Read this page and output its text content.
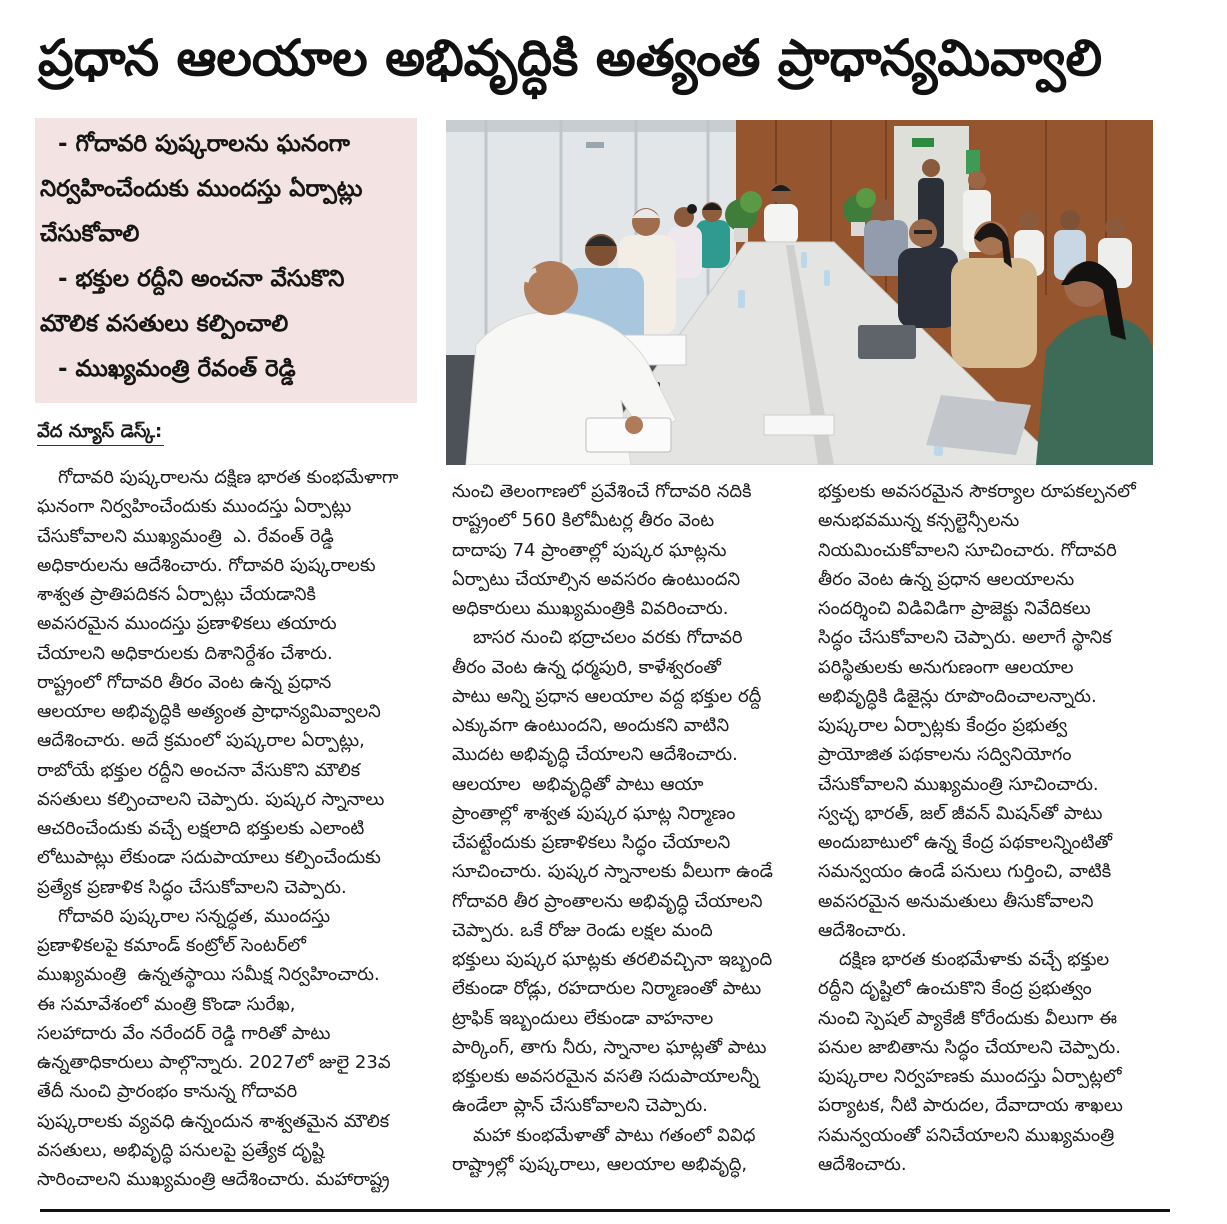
ప్రధాన ఆలయాల అభివృద్ధికి అత్యంత ప్రాధాన్యమివ్వాలి
- గోదావరి పుష్కరాలను ఘనంగా
నిర్వహించేందుకు ముందస్తు ఏర్పాట్లు
చేసుకోవాలి
- భక్తుల రద్దీని అంచనా వేసుకొని
మౌలిక వసతులు కల్పించాలి
- ముఖ్యమంత్రి రేవంత్ రెడ్డి
వేద న్యూస్ డెస్క్:
గోదావరి పుష్కరాలను దక్షిణ భారత కుంభమేళాగా
ఘనంగా నిర్వహించేందుకు ముందస్తు ఏర్పాట్లు
చేసుకోవాలని ముఖ్యమంత్రి  ఎ. రేవంత్ రెడ్డి
అధికారులను ఆదేశించారు. గోదావరి పుష్కరాలకు
శాశ్వత ప్రాతిపదికన ఏర్పాట్లు చేయడానికి
అవసరమైన ముందస్తు ప్రణాళికలు తయారు
చేయాలని అధికారులకు దిశానిర్దేశం చేశారు.
రాష్ట్రంలో గోదావరి తీరం వెంట ఉన్న ప్రధాన
ఆలయాల అభివృద్ధికి అత్యంత ప్రాధాన్యమివ్వాలని
ఆదేశించారు. అదే క్రమంలో పుష్కరాల ఏర్పాట్లు,
రాబోయే భక్తుల రద్దీని అంచనా వేసుకొని మౌలిక
వసతులు కల్పించాలని చెప్పారు. పుష్కర స్నానాలు
ఆచరించేందుకు వచ్చే లక్షలాది భక్తులకు ఎలాంటి
లోటుపాట్లు లేకుండా సదుపాయాలు కల్పించేందుకు
ప్రత్యేక ప్రణాళిక సిద్ధం చేసుకోవాలని చెప్పారు.
గోదావరి పుష్కరాల సన్నద్ధత, ముందస్తు
ప్రణాళికలపై కమాండ్ కంట్రోల్ సెంటర్‌లో
ముఖ్యమంత్రి  ఉన్నతస్థాయి సమీక్ష నిర్వహించారు.
ఈ సమావేశంలో మంత్రి కొండా సురేఖ,
సలహాదారు వేం నరేందర్ రెడ్డి గారితో పాటు
ఉన్నతాధికారులు పాల్గొన్నారు. 2027లో జులై 23వ
తేదీ నుంచి ప్రారంభం కానున్న గోదావరి
పుష్కరాలకు వ్యవధి ఉన్నందున శాశ్వతమైన మౌలిక
వసతులు, అభివృద్ధి పనులపై ప్రత్యేక దృష్టి
సారించాలని ముఖ్యమంత్రి ఆదేశించారు. మహారాష్ట్ర
నుంచి తెలంగాణలో ప్రవేశించే గోదావరి నదికి
రాష్ట్రంలో 560 కిలోమీటర్ల తీరం వెంట
దాదాపు 74 ప్రాంతాల్లో పుష్కర ఘాట్లను
ఏర్పాటు చేయాల్సిన అవసరం ఉంటుందని
అధికారులు ముఖ్యమంత్రికి వివరించారు.
బాసర నుంచి భద్రాచలం వరకు గోదావరి
తీరం వెంట ఉన్న ధర్మపురి, కాళేశ్వరంతో
పాటు అన్ని ప్రధాన ఆలయాల వద్ద భక్తుల రద్దీ
ఎక్కువగా ఉంటుందని, అందుకని వాటిని
మొదట అభివృద్ధి చేయాలని ఆదేశించారు.
ఆలయాల  అభివృద్ధితో పాటు ఆయా
ప్రాంతాల్లో శాశ్వత పుష్కర ఘాట్ల నిర్మాణం
చేపట్టేందుకు ప్రణాళికలు సిద్ధం చేయాలని
సూచించారు. పుష్కర స్నానాలకు వీలుగా ఉండే
గోదావరి తీర ప్రాంతాలను అభివృద్ధి చేయాలని
చెప్పారు. ఒకే రోజు రెండు లక్షల మంది
భక్తులు పుష్కర ఘాట్లకు తరలివచ్చినా ఇబ్బంది
లేకుండా రోడ్లు, రహదారుల నిర్మాణంతో పాటు
ట్రాఫిక్ ఇబ్బందులు లేకుండా వాహనాల
పార్కింగ్, తాగు నీరు, స్నానాల ఘాట్లతో పాటు
భక్తులకు అవసరమైన వసతి సదుపాయాలన్నీ
ఉండేలా ప్లాన్ చేసుకోవాలని చెప్పారు.
మహా కుంభమేళాతో పాటు గతంలో వివిధ
రాష్ట్రాల్లో పుష్కరాలు, ఆలయాల అభివృద్ధి,
భక్తులకు అవసరమైన సౌకర్యాల రూపకల్పనలో
అనుభవమున్న కన్సల్టెన్సీలను
నియమించుకోవాలని సూచించారు. గోదావరి
తీరం వెంట ఉన్న ప్రధాన ఆలయాలను
సందర్శించి విడివిడిగా ప్రాజెక్టు నివేదికలు
సిద్ధం చేసుకోవాలని చెప్పారు. అలాగే స్థానిక
పరిస్థితులకు అనుగుణంగా ఆలయాల
అభివృద్ధికి డిజైన్లు రూపొందించాలన్నారు.
పుష్కరాల ఏర్పాట్లకు కేంద్రం ప్రభుత్వ
ప్రాయోజిత పథకాలను సద్వినియోగం
చేసుకోవాలని ముఖ్యమంత్రి సూచించారు.
స్వచ్ఛ భారత్, జల్ జీవన్ మిషన్‌తో పాటు
అందుబాటులో ఉన్న కేంద్ర పథకాలన్నింటితో
సమన్వయం ఉండే పనులు గుర్తించి, వాటికి
అవసరమైన అనుమతులు తీసుకోవాలని
ఆదేశించారు.
దక్షిణ భారత కుంభమేళాకు వచ్చే భక్తుల
రద్దీని దృష్టిలో ఉంచుకొని కేంద్ర ప్రభుత్వం
నుంచి స్పెషల్ ప్యాకేజీ కోరేందుకు వీలుగా ఈ
పనుల జాబితాను సిద్ధం చేయాలని చెప్పారు.
పుష్కరాల నిర్వహణకు ముందస్తు ఏర్పాట్లలో
పర్యాటక, నీటి పారుదల, దేవాదాయ శాఖలు
సమన్వయంతో పనిచేయాలని ముఖ్యమంత్రి
ఆదేశించారు.
